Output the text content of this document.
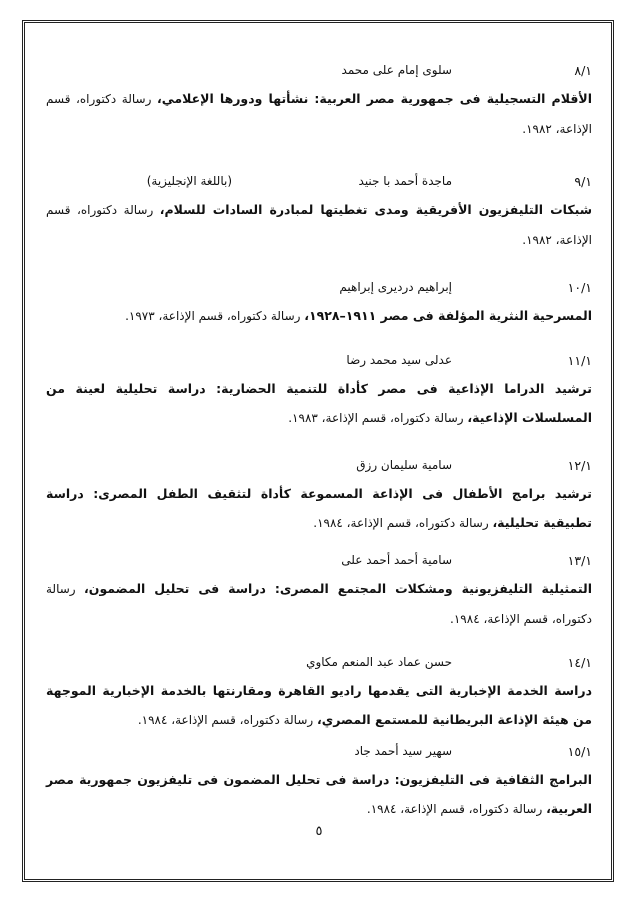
٨/١
سلوى إمام على محمد
الأقلام التسجيلية فى جمهورية مصر العربية: نشأتها ودورها الإعلامي، رسالة دكتوراه، قسم الإذاعة، ١٩٨٢.
٩/١
ماجدة أحمد با جنيد
(باللغة الإنجليزية)
شبكات التليفزيون الأفريقية ومدى تغطيتها لمبادرة السادات للسلام، رسالة دكتوراه، قسم الإذاعة، ١٩٨٢.
١٠/١
إبراهيم درديرى إبراهيم
المسرحية النثرية المؤلفة فى مصر ١٩١١–١٩٢٨، رسالة دكتوراه، قسم الإذاعة، ١٩٧٣.
١١/١
عدلى سيد محمد رضا
ترشيد الدراما الإذاعية فى مصر كأداة للتنمية الحضارية: دراسة تحليلية لعينة من المسلسلات الإذاعية، رسالة دكتوراه، قسم الإذاعة، ١٩٨٣.
١٢/١
سامية سليمان رزق
ترشيد برامج الأطفال فى الإذاعة المسموعة كأداة لتثقيف الطفل المصرى: دراسة تطبيقية تحليلية، رسالة دكتوراه، قسم الإذاعة، ١٩٨٤.
١٣/١
سامية أحمد أحمد على
التمثيلية التليفزيونية ومشكلات المجتمع المصرى: دراسة فى تحليل المضمون، رسالة دكتوراه، قسم الإذاعة، ١٩٨٤.
١٤/١
حسن عماد عبد المنعم مكاوي
دراسة الخدمة الإخبارية التى يقدمها راديو القاهرة ومقارنتها بالخدمة الإخبارية الموجهة من هيئة الإذاعة البريطانية للمستمع المصري، رسالة دكتوراه، قسم الإذاعة، ١٩٨٤.
١٥/١
سهير سيد أحمد جاد
البرامج الثقافية فى التليفزيون: دراسة فى تحليل المضمون فى تليفزيون جمهورية مصر العربية، رسالة دكتوراه، قسم الإذاعة، ١٩٨٤.
٥
